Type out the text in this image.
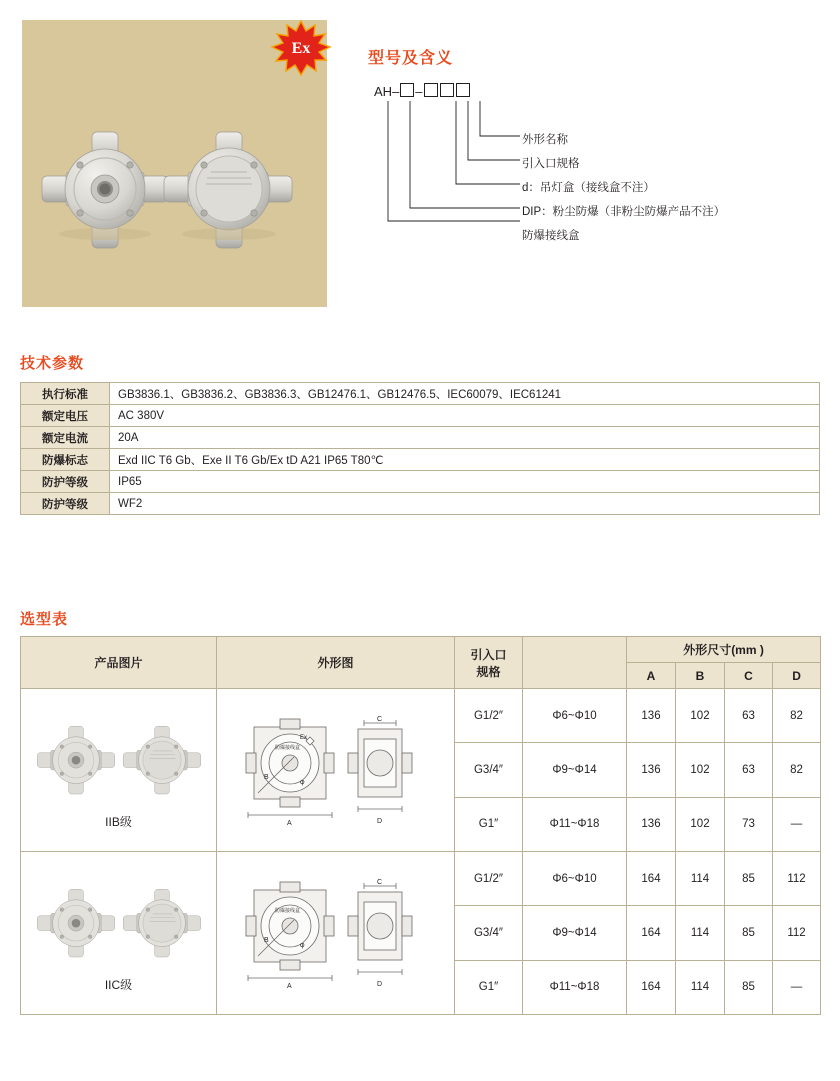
Ex
型号及含义
AH– –
外形名称
引入口规格
d：吊灯盒（接线盒不注）
DIP：粉尘防爆（非粉尘防爆产品不注）
防爆接线盒
技术参数
执行标准	GB3836.1、GB3836.2、GB3836.3、GB12476.1、GB12476.5、IEC60079、IEC61241
额定电压	AC 380V
额定电流	20A
防爆标志	Exd IIC T6 Gb、Exe II T6 Gb/Ex tD A21 IP65 T80℃
防护等级	IP65
防护等级	WF2
选型表
产品图片	外形图	引入口
规格		外形尺寸(mm )			
				A	B	C	D

IIB级	A
B
φ
D
C
Ex
防爆接线盒
	G1/2″	Φ6~Φ10	136	102	63	82
		G3/4″	Φ9~Φ14	136	102	63	82
		G1″	Φ11~Φ18	136	102	73	—

IIC级	A
B
φ
D
C
防爆接线盒
	G1/2″	Φ6~Φ10	164	114	85	112
		G3/4″	Φ9~Φ14	164	114	85	112
		G1″	Φ11~Φ18	164	114	85	—
